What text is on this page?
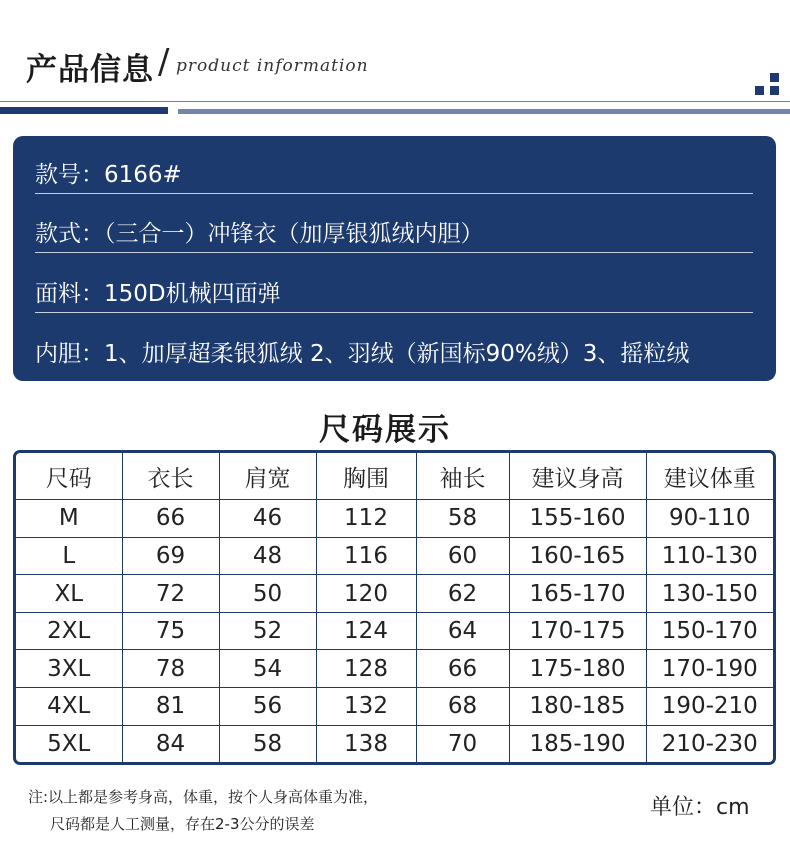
产品信息 / product information
款号：6166#
款式：（三合一）冲锋衣（加厚银狐绒内胆）
面料：150D机械四面弹
内胆：1、加厚超柔银狐绒 2、羽绒（新国标90%绒）3、摇粒绒
尺码展示
尺码	衣长	肩宽	胸围	袖长	建议身高	建议体重
M	66	46	112	58	155-160	90-110
L	69	48	116	60	160-165	110-130
XL	72	50	120	62	165-170	130-150
2XL	75	52	124	64	170-175	150-170
3XL	78	54	128	66	175-180	170-190
4XL	81	56	132	68	180-185	190-210
5XL	84	58	138	70	185-190	210-230
注:以上都是参考身高，体重，按个人身高体重为准，
尺码都是人工测量，存在2-3公分的误差
单位：cm
